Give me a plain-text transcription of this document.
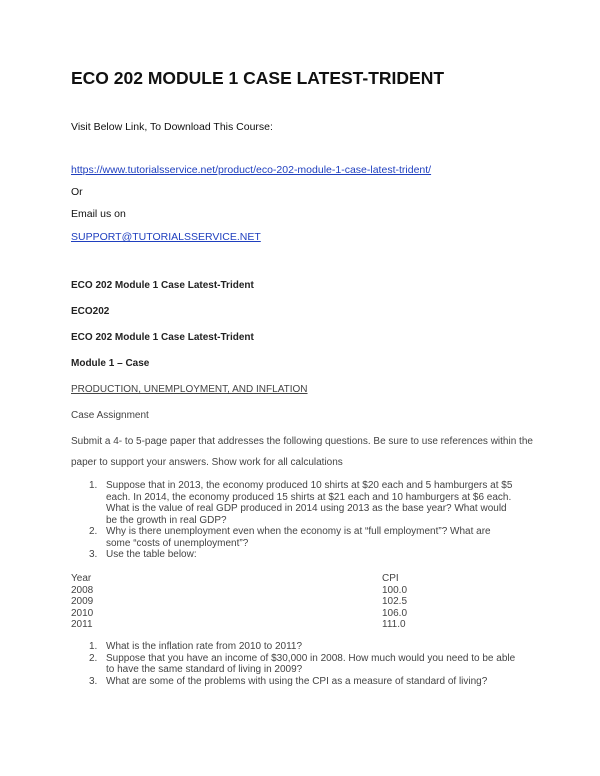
ECO 202 MODULE 1 CASE LATEST-TRIDENT
Visit Below Link, To Download This Course:
https://www.tutorialsservice.net/product/eco-202-module-1-case-latest-trident/
Or
Email us on
SUPPORT@TUTORIALSSERVICE.NET
ECO 202 Module 1 Case Latest-Trident
ECO202
ECO 202 Module 1 Case Latest-Trident
Module 1 – Case
PRODUCTION, UNEMPLOYMENT, AND INFLATION
Case Assignment
Submit a 4- to 5-page paper that addresses the following questions. Be sure to use references within the
paper to support your answers. Show work for all calculations
1. Suppose that in 2013, the economy produced 10 shirts at $20 each and 5 hamburgers at $5 each. In 2014, the economy produced 15 shirts at $21 each and 10 hamburgers at $6 each. What is the value of real GDP produced in 2014 using 2013 as the base year? What would be the growth in real GDP?
2. Why is there unemployment even when the economy is at “full employment”? What are some “costs of unemployment”?
3. Use the table below:
Year	CPI
2008	100.0
2009	102.5
2010	106.0
2011	111.0
1. What is the inflation rate from 2010 to 2011?
2. Suppose that you have an income of $30,000 in 2008. How much would you need to be able to have the same standard of living in 2009?
3. What are some of the problems with using the CPI as a measure of standard of living?
